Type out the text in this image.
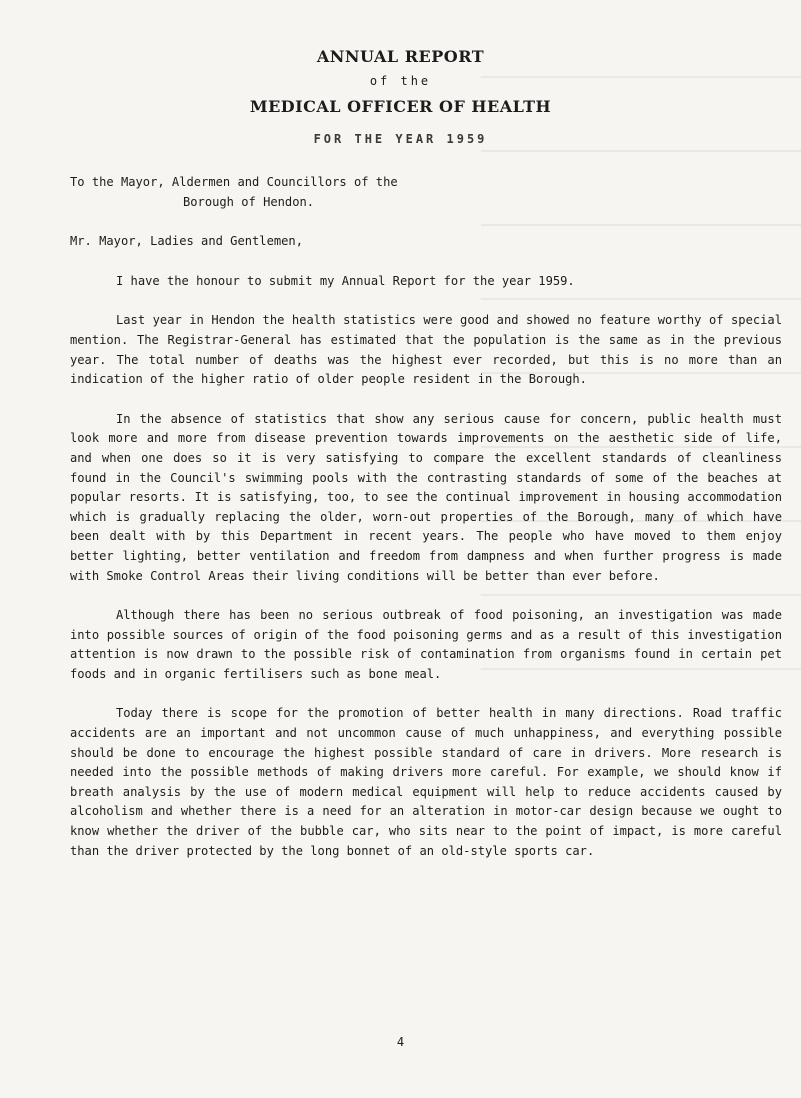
ANNUAL REPORT

of the

MEDICAL OFFICER OF HEALTH

FOR THE YEAR 1959

To the Mayor, Aldermen and Councillors of the
Borough of Hendon.

Mr. Mayor, Ladies and Gentlemen,

I have the honour to submit my Annual Report for the year 1959.

Last year in Hendon the health statistics were good and showed no feature worthy of special mention. The Registrar-General has estimated that the population is the same as in the previous year. The total number of deaths was the highest ever recorded, but this is no more than an indication of the higher ratio of older people resident in the Borough.

In the absence of statistics that show any serious cause for concern, public health must look more and more from disease prevention towards improvements on the aesthetic side of life, and when one does so it is very satisfying to compare the excellent standards of cleanliness found in the Council's swimming pools with the contrasting standards of some of the beaches at popular resorts. It is satisfying, too, to see the continual improvement in housing accommodation which is gradually replacing the older, worn-out properties of the Borough, many of which have been dealt with by this Department in recent years. The people who have moved to them enjoy better lighting, better ventilation and freedom from dampness and when further progress is made with Smoke Control Areas their living conditions will be better than ever before.

Although there has been no serious outbreak of food poisoning, an investigation was made into possible sources of origin of the food poisoning germs and as a result of this investigation attention is now drawn to the possible risk of contamination from organisms found in certain pet foods and in organic fertilisers such as bone meal.

Today there is scope for the promotion of better health in many directions. Road traffic accidents are an important and not uncommon cause of much unhappiness, and everything possible should be done to encourage the highest possible standard of care in drivers. More research is needed into the possible methods of making drivers more careful. For example, we should know if breath analysis by the use of modern medical equipment will help to reduce accidents caused by alcoholism and whether there is a need for an alteration in motor-car design because we ought to know whether the driver of the bubble car, who sits near to the point of impact, is more careful than the driver protected by the long bonnet of an old-style sports car.

4
